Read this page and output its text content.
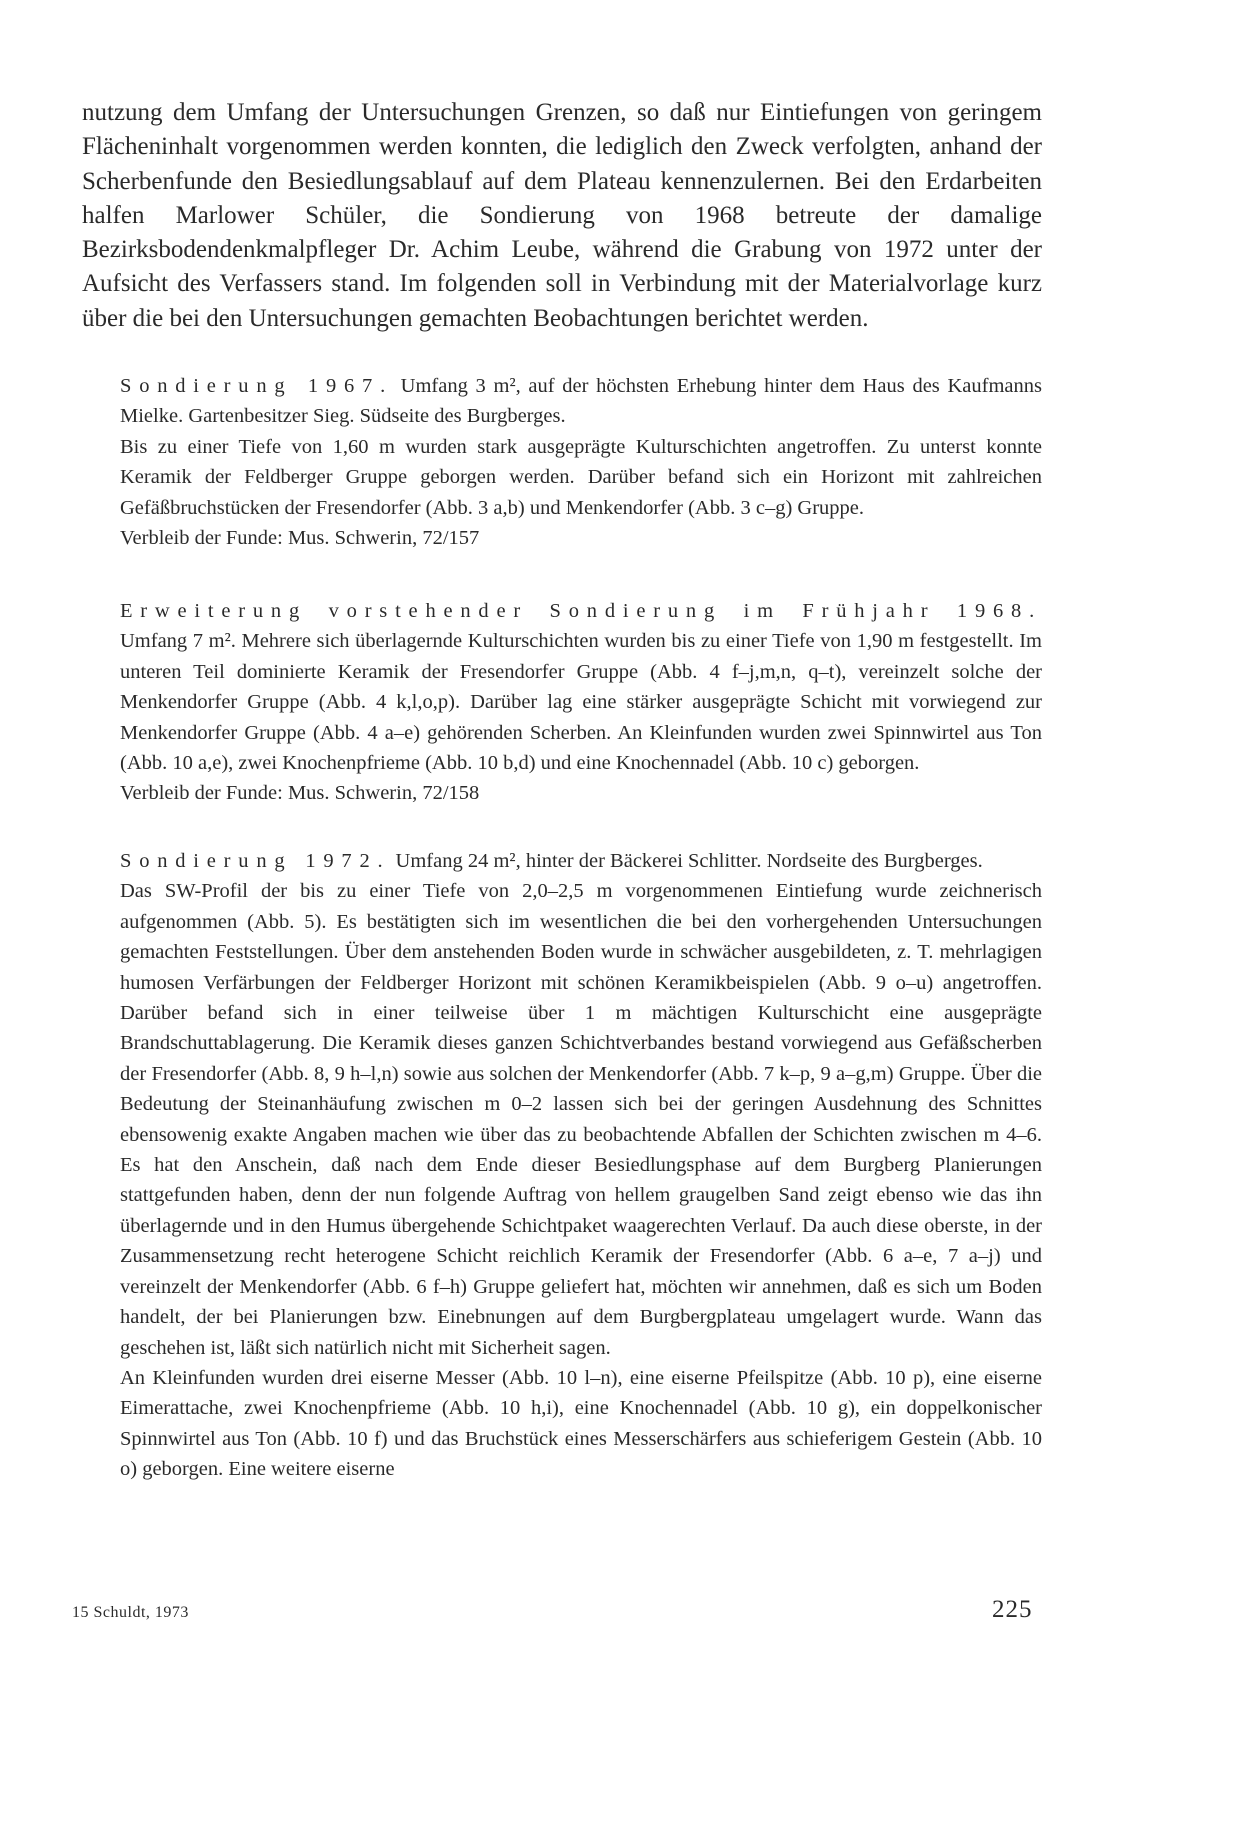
nutzung dem Umfang der Untersuchungen Grenzen, so daß nur Eintiefungen von geringem Flächeninhalt vorgenommen werden konnten, die lediglich den Zweck verfolgten, anhand der Scherbenfunde den Besiedlungsablauf auf dem Plateau kennenzulernen. Bei den Erdarbeiten halfen Marlower Schüler, die Sondierung von 1968 betreute der damalige Bezirksbodendenkmalpfleger Dr. Achim Leube, während die Grabung von 1972 unter der Aufsicht des Verfassers stand. Im folgenden soll in Verbindung mit der Materialvorlage kurz über die bei den Untersuchungen gemachten Beobachtungen berichtet werden.

Sondierung 1967. Umfang 3 m², auf der höchsten Erhebung hinter dem Haus des Kaufmanns Mielke. Gartenbesitzer Sieg. Südseite des Burgberges.

Bis zu einer Tiefe von 1,60 m wurden stark ausgeprägte Kulturschichten angetroffen. Zu unterst konnte Keramik der Feldberger Gruppe geborgen werden. Darüber befand sich ein Horizont mit zahlreichen Gefäßbruchstücken der Fresendorfer (Abb. 3 a,b) und Menkendorfer (Abb. 3 c–g) Gruppe.

Verbleib der Funde: Mus. Schwerin, 72/157

Erweiterung vorstehender Sondierung im Frühjahr 1968. Umfang 7 m². Mehrere sich überlagernde Kulturschichten wurden bis zu einer Tiefe von 1,90 m festgestellt. Im unteren Teil dominierte Keramik der Fresendorfer Gruppe (Abb. 4 f–j,m,n, q–t), vereinzelt solche der Menkendorfer Gruppe (Abb. 4 k,l,o,p). Darüber lag eine stärker ausgeprägte Schicht mit vorwiegend zur Menkendorfer Gruppe (Abb. 4 a–e) gehörenden Scherben. An Kleinfunden wurden zwei Spinnwirtel aus Ton (Abb. 10 a,e), zwei Knochenpfrieme (Abb. 10 b,d) und eine Knochennadel (Abb. 10 c) geborgen.

Verbleib der Funde: Mus. Schwerin, 72/158

Sondierung 1972. Umfang 24 m², hinter der Bäckerei Schlitter. Nordseite des Burgberges.

Das SW-Profil der bis zu einer Tiefe von 2,0–2,5 m vorgenommenen Eintiefung wurde zeichnerisch aufgenommen (Abb. 5). Es bestätigten sich im wesentlichen die bei den vorhergehenden Untersuchungen gemachten Feststellungen. Über dem anstehenden Boden wurde in schwächer ausgebildeten, z. T. mehrlagigen humosen Verfärbungen der Feldberger Horizont mit schönen Keramikbeispielen (Abb. 9 o–u) angetroffen. Darüber befand sich in einer teilweise über 1 m mächtigen Kulturschicht eine ausgeprägte Brandschuttablagerung. Die Keramik dieses ganzen Schichtverbandes bestand vorwiegend aus Gefäßscherben der Fresendorfer (Abb. 8, 9 h–l,n) sowie aus solchen der Menkendorfer (Abb. 7 k–p, 9 a–g,m) Gruppe. Über die Bedeutung der Steinanhäufung zwischen m 0–2 lassen sich bei der geringen Ausdehnung des Schnittes ebensowenig exakte Angaben machen wie über das zu beobachtende Abfallen der Schichten zwischen m 4–6. Es hat den Anschein, daß nach dem Ende dieser Besiedlungsphase auf dem Burgberg Planierungen stattgefunden haben, denn der nun folgende Auftrag von hellem graugelben Sand zeigt ebenso wie das ihn überlagernde und in den Humus übergehende Schichtpaket waagerechten Verlauf. Da auch diese oberste, in der Zusammensetzung recht heterogene Schicht reichlich Keramik der Fresendorfer (Abb. 6 a–e, 7 a–j) und vereinzelt der Menkendorfer (Abb. 6 f–h) Gruppe geliefert hat, möchten wir annehmen, daß es sich um Boden handelt, der bei Planierungen bzw. Einebnungen auf dem Burgbergplateau umgelagert wurde. Wann das geschehen ist, läßt sich natürlich nicht mit Sicherheit sagen.

An Kleinfunden wurden drei eiserne Messer (Abb. 10 l–n), eine eiserne Pfeilspitze (Abb. 10 p), eine eiserne Eimerattache, zwei Knochenpfrieme (Abb. 10 h,i), eine Knochennadel (Abb. 10 g), ein doppelkonischer Spinnwirtel aus Ton (Abb. 10 f) und das Bruchstück eines Messerschärfers aus schieferigem Gestein (Abb. 10 o) geborgen. Eine weitere eiserne

15 Schuldt, 1973	225
